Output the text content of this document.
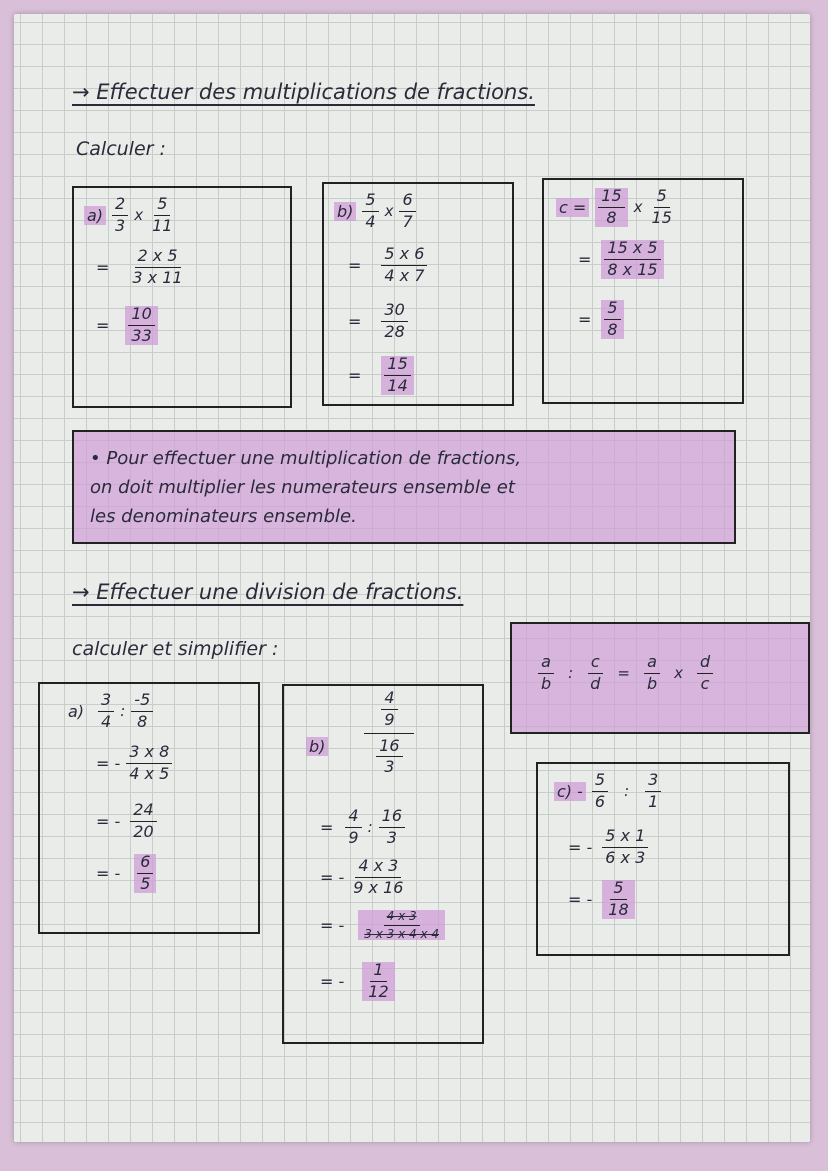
→ Effectuer des multiplications de fractions.
Calculer :
$a) \frac{2}{3}$ x $\frac{5}{11}$
= $\frac{2 x 5}{3 x 11}$
= $\frac{10}{33}$
$b) \frac{5}{4}$ x $\frac{6}{7}$
= $\frac{5 x 6}{4 x 7}$
= $\frac{30}{28}$
= $\frac{15}{14}$
$c = \frac{15}{8}$ x $\frac{5}{15}$
= $\frac{15 x 5}{8 x 15}$
= $\frac{5}{8}$
• Pour effectuer une multiplication de fractions,
on doit multiplier les numerateurs ensemble et
les denominateurs ensemble.
→ Effectuer une division de fractions.
calculer et simplifier :
$\frac{a}{b}$ : $\frac{c}{d} = \frac{a}{b}$ x $\frac{d}{c}$
$a) \frac{3}{4}$ : $\frac{-5}{8}$
= - $\frac{3 x 8}{4 x 5}$
= - $\frac{24}{20}$
= - $\frac{6}{5}$
$b) \frac{\frac{4}{9}}{\frac{16}{3}}$
= $\frac{4}{9}$ : $\frac{16}{3}$
= - $\frac{4 x 3}{9 x 16}$
= - $\frac{4 x 3}{3 x 3 x 4 x 4}$
= - $\frac{1}{12}$
$c) - \frac{5}{6}$ : $\frac{3}{1}$
= - $\frac{5 x 1}{6 x 3}$
= - $\frac{5}{18}$
